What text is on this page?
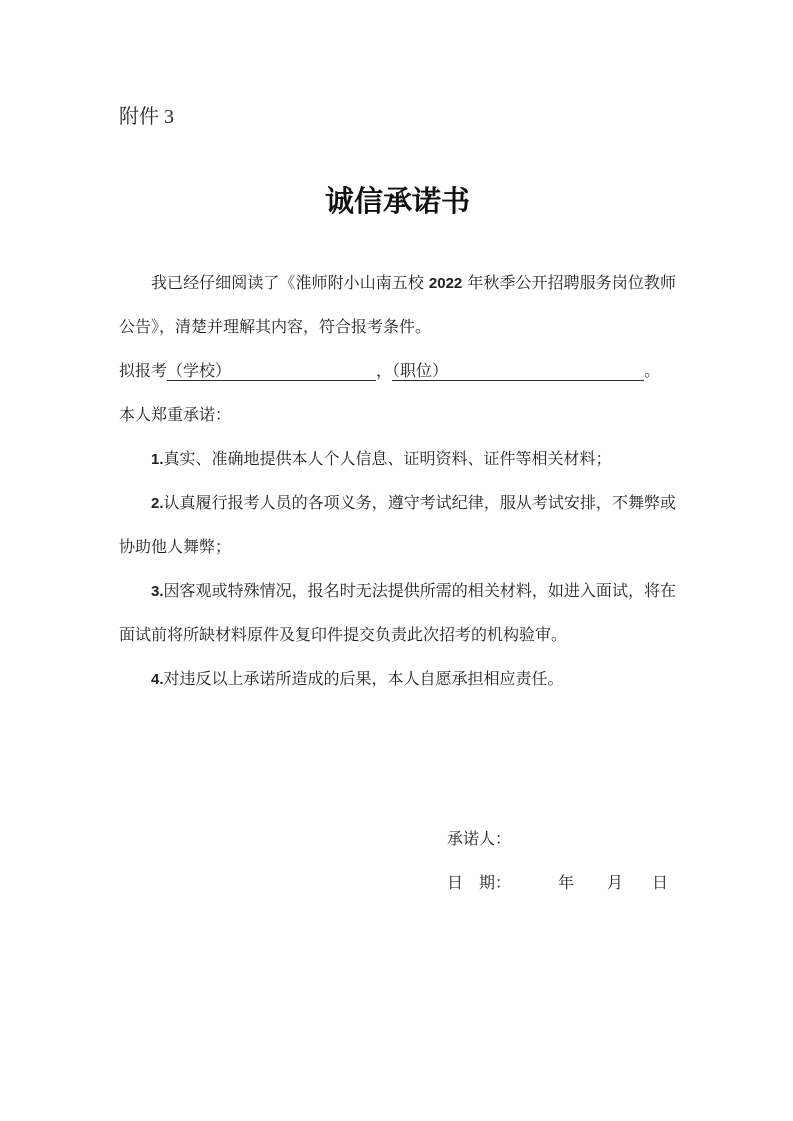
附件 3
诚信承诺书

我已经仔细阅读了《淮师附小山南五校 2022 年秋季公开招聘服务岗位教师公告》，清楚并理解其内容，符合报考条件。

拟报考（学校）	，（职位）	。

本人郑重承诺：

1.真实、准确地提供本人个人信息、证明资料、证件等相关材料；

2.认真履行报考人员的各项义务，遵守考试纪律，服从考试安排，不舞弊或协助他人舞弊；

3.因客观或特殊情况，报名时无法提供所需的相关材料，如进入面试，将在面试前将所缺材料原件及复印件提交负责此次招考的机构验审。

4.对违反以上承诺所造成的后果，本人自愿承担相应责任。

承诺人：

日　期：	年 月 日
